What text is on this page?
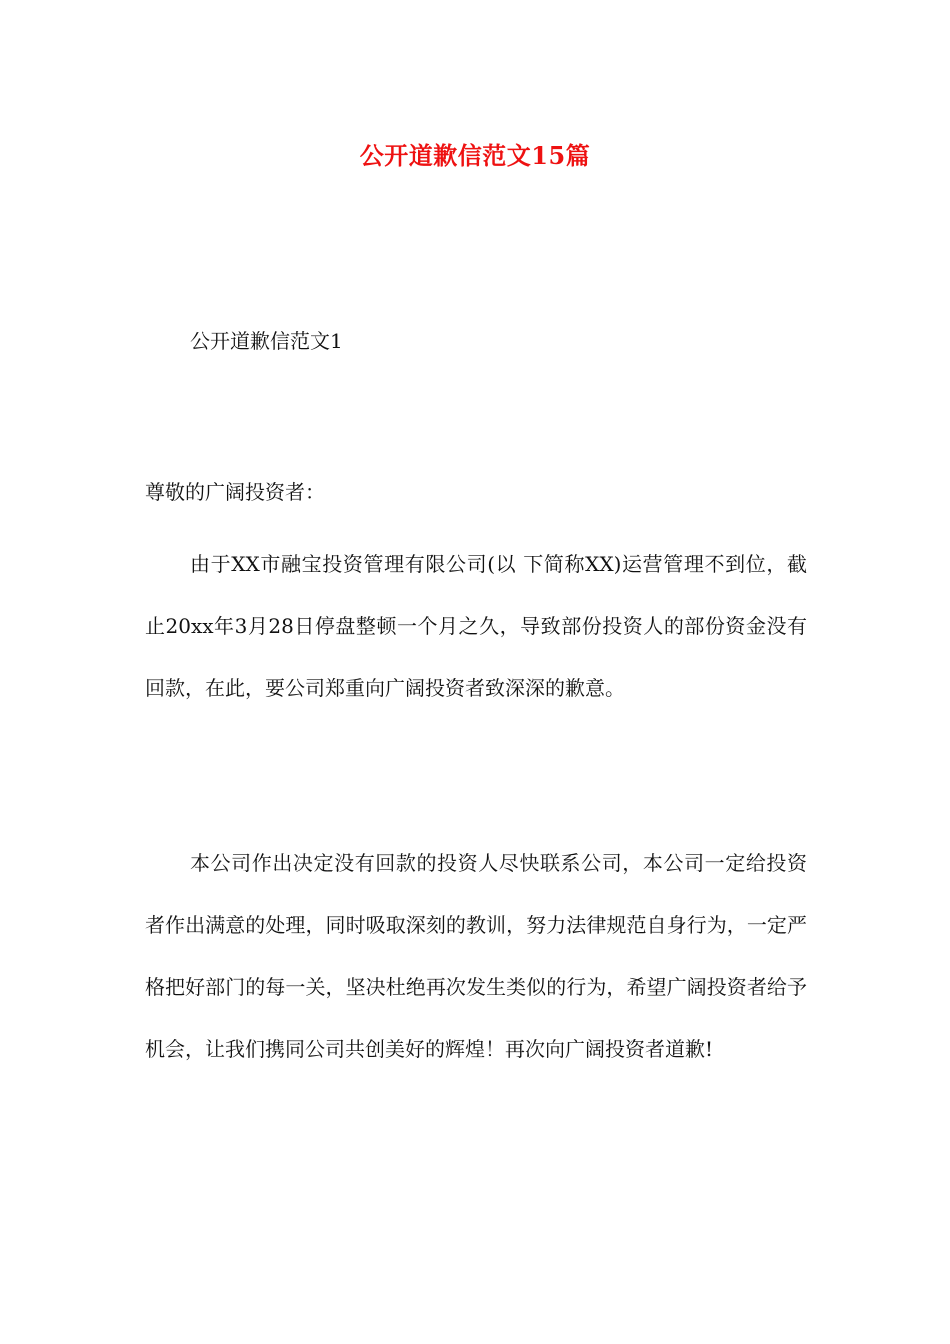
公开道歉信范文15篇
公开道歉信范文1
尊敬的广阔投资者：

由于XX市融宝投资管理有限公司(以 下简称XX)运营管理不到位，截止20xx年3月28日停盘整顿一个月之久，导致部份投资人的部份资金没有回款，在此，要公司郑重向广阔投资者致深深的歉意。

本公司作出决定没有回款的投资人尽快联系公司，本公司一定给投资者作出满意的处理，同时吸取深刻的教训，努力法律规范自身行为，一定严格把好部门的每一关，坚决杜绝再次发生类似的行为，希望广阔投资者给予机会，让我们携同公司共创美好的辉煌！再次向广阔投资者道歉!
